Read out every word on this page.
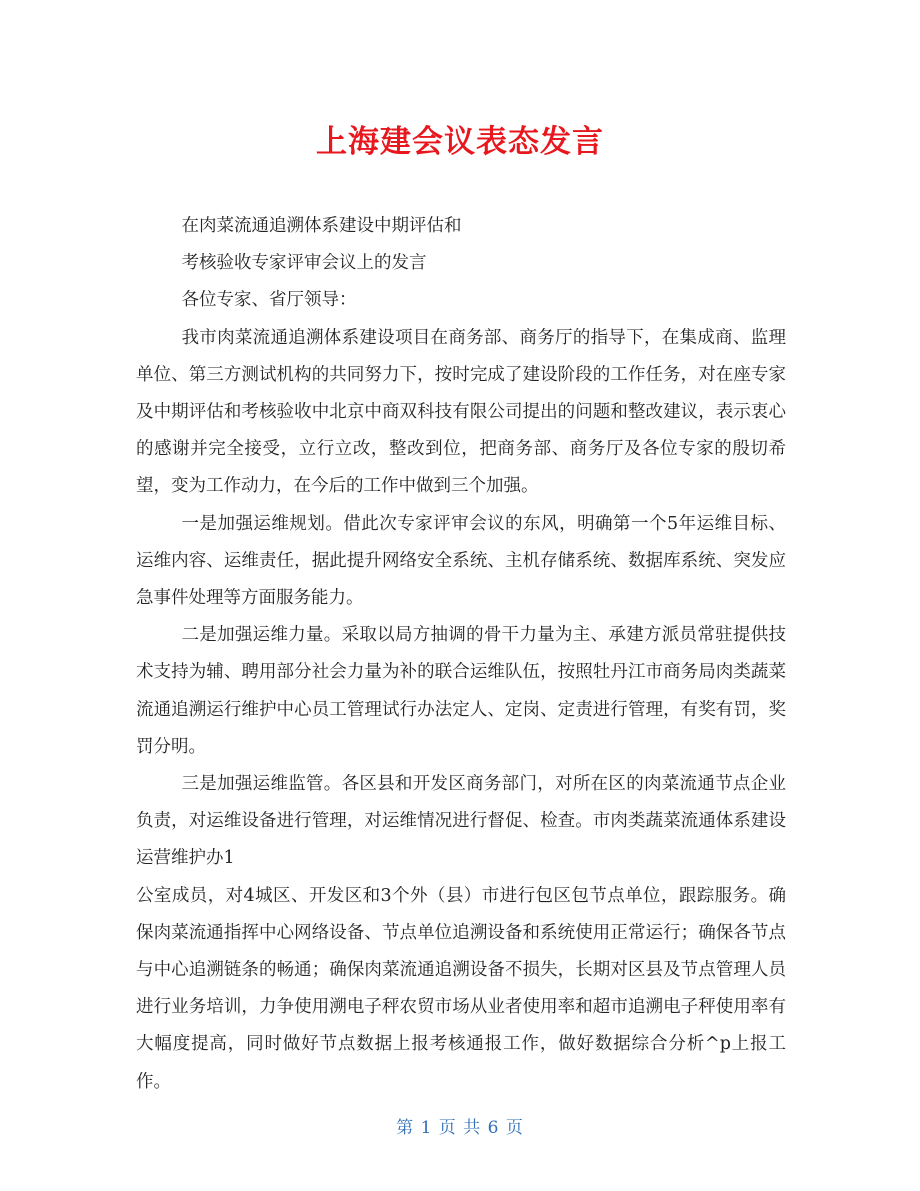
上海建会议表态发言

在肉菜流通追溯体系建设中期评估和

考核验收专家评审会议上的发言

各位专家、省厅领导：

我市肉菜流通追溯体系建设项目在商务部、商务厅的指导下，在集成商、监理单位、第三方测试机构的共同努力下，按时完成了建设阶段的工作任务，对在座专家及中期评估和考核验收中北京中商双科技有限公司提出的问题和整改建议，表示衷心的感谢并完全接受，立行立改，整改到位，把商务部、商务厅及各位专家的殷切希望，变为工作动力，在今后的工作中做到三个加强。

一是加强运维规划。借此次专家评审会议的东风，明确第一个5年运维目标、运维内容、运维责任，据此提升网络安全系统、主机存储系统、数据库系统、突发应急事件处理等方面服务能力。

二是加强运维力量。采取以局方抽调的骨干力量为主、承建方派员常驻提供技术支持为辅、聘用部分社会力量为补的联合运维队伍，按照牡丹江市商务局肉类蔬菜流通追溯运行维护中心员工管理试行办法定人、定岗、定责进行管理，有奖有罚，奖罚分明。

三是加强运维监管。各区县和开发区商务部门，对所在区的肉菜流通节点企业负责，对运维设备进行管理，对运维情况进行督促、检查。市肉类蔬菜流通体系建设运营维护办1

公室成员，对4城区、开发区和3个外（县）市进行包区包节点单位，跟踪服务。确保肉菜流通指挥中心网络设备、节点单位追溯设备和系统使用正常运行；确保各节点与中心追溯链条的畅通；确保肉菜流通追溯设备不损失，长期对区县及节点管理人员进行业务培训，力争使用溯电子秤农贸市场从业者使用率和超市追溯电子秤使用率有大幅度提高，同时做好节点数据上报考核通报工作，做好数据综合分析^p上报工作。

第 1 页 共 6 页
